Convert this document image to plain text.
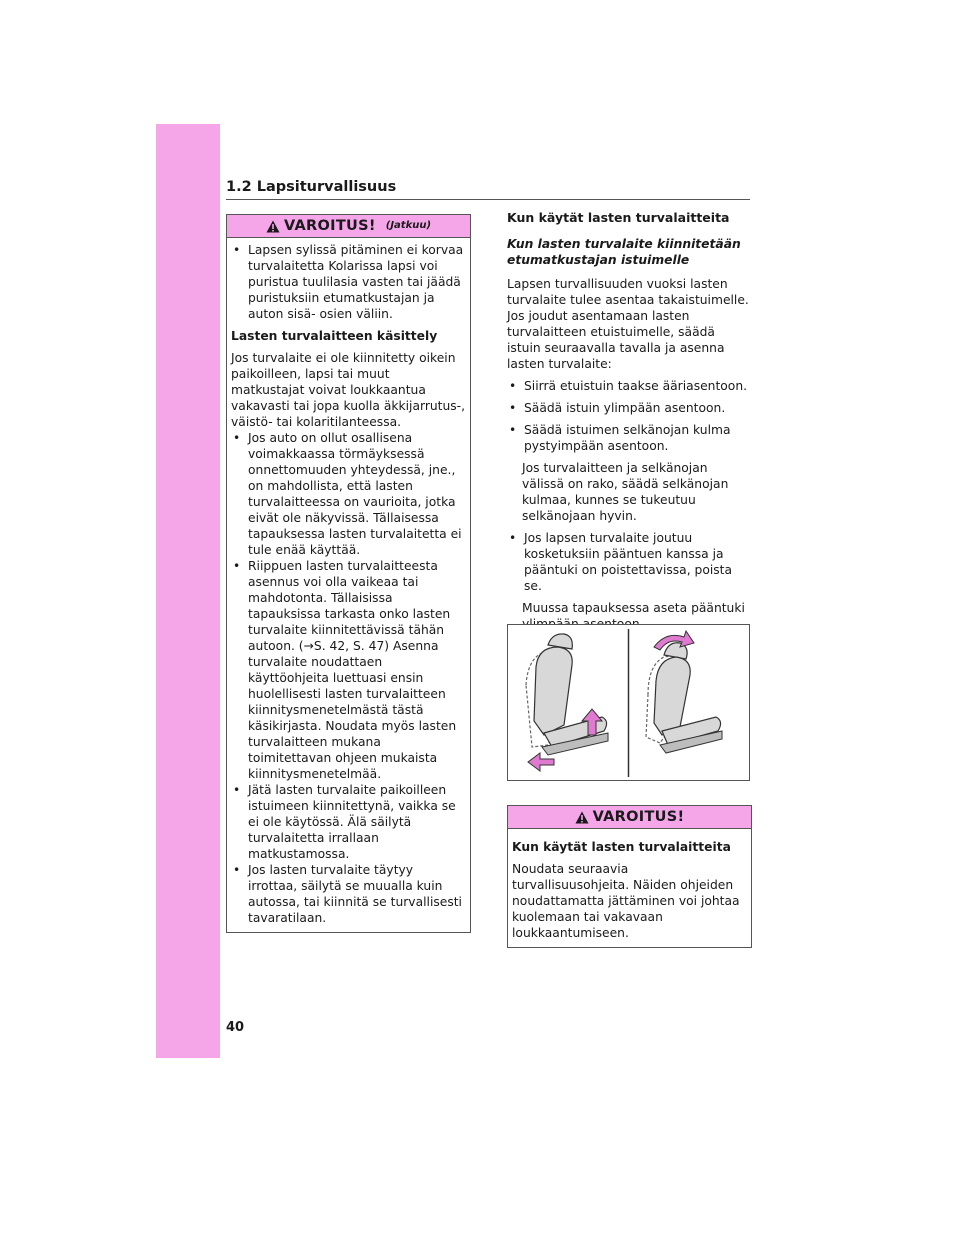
1.2 Lapsiturvallisuus
VAROITUS! (Jatkuu)
• Lapsen sylissä pitäminen ei korvaa turvalaitetta Kolarissa lapsi voi puristua tuulilasia vasten tai jäädä puristuksiin etumatkustajan ja auton sisä- osien väliin.

Lasten turvalaitteen käsittely

Jos turvalaite ei ole kiinnitetty oikein paikoilleen, lapsi tai muut matkustajat voivat loukkaantua vakavasti tai jopa kuolla äkkijarrutus-, väistö- tai kolaritilanteessa.

• Jos auto on ollut osallisena voimakkaassa törmäyksessä onnettomuuden yhteydessä, jne., on mahdollista, että lasten turvalaitteessa on vaurioita, jotka eivät ole näkyvissä. Tällaisessa tapauksessa lasten turvalaitetta ei tule enää käyttää.
• Riippuen lasten turvalaitteesta asennus voi olla vaikeaa tai mahdotonta. Tällaisissa tapauksissa tarkasta onko lasten turvalaite kiinnitettävissä tähän autoon. (→S. 42, S. 47) Asenna turvalaite noudattaen käyttöohjeita luettuasi ensin huolellisesti lasten turvalaitteen kiinnitysmenetelmästä tästä käsikirjasta. Noudata myös lasten turvalaitteen mukana toimitettavan ohjeen mukaista kiinnitysmenetelmää.
• Jätä lasten turvalaite paikoilleen istuimeen kiinnitettynä, vaikka se ei ole käytössä. Älä säilytä turvalaitetta irrallaan matkustamossa.
• Jos lasten turvalaite täytyy irrottaa, säilytä se muualla kuin autossa, tai kiinnitä se turvallisesti tavaratilaan.

Kun käytät lasten turvalaitteita

Kun lasten turvalaite kiinnitetään etumatkustajan istuimelle

Lapsen turvallisuuden vuoksi lasten turvalaite tulee asentaa takaistuimelle. Jos joudut asentamaan lasten turvalaitteen etuistuimelle, säädä istuin seuraavalla tavalla ja asenna lasten turvalaite:

• Siirrä etuistuin taakse ääriasentoon.
• Säädä istuin ylimpään asentoon.
• Säädä istuimen selkänojan kulma pystyimpään asentoon.

Jos turvalaitteen ja selkänojan välissä on rako, säädä selkänojan kulmaa, kunnes se tukeutuu selkänojaan hyvin.

• Jos lapsen turvalaite joutuu kosketuksiin pääntuen kanssa ja pääntuki on poistettavissa, poista se.

Muussa tapauksessa aseta pääntuki

VAROITUS!

Kun käytät lasten turvalaitteita

Noudata seuraavia turvallisuusohjeita. Näiden ohjeiden noudattamatta jättäminen voi johtaa kuolemaan tai vakavaan loukkaantumiseen.

40
